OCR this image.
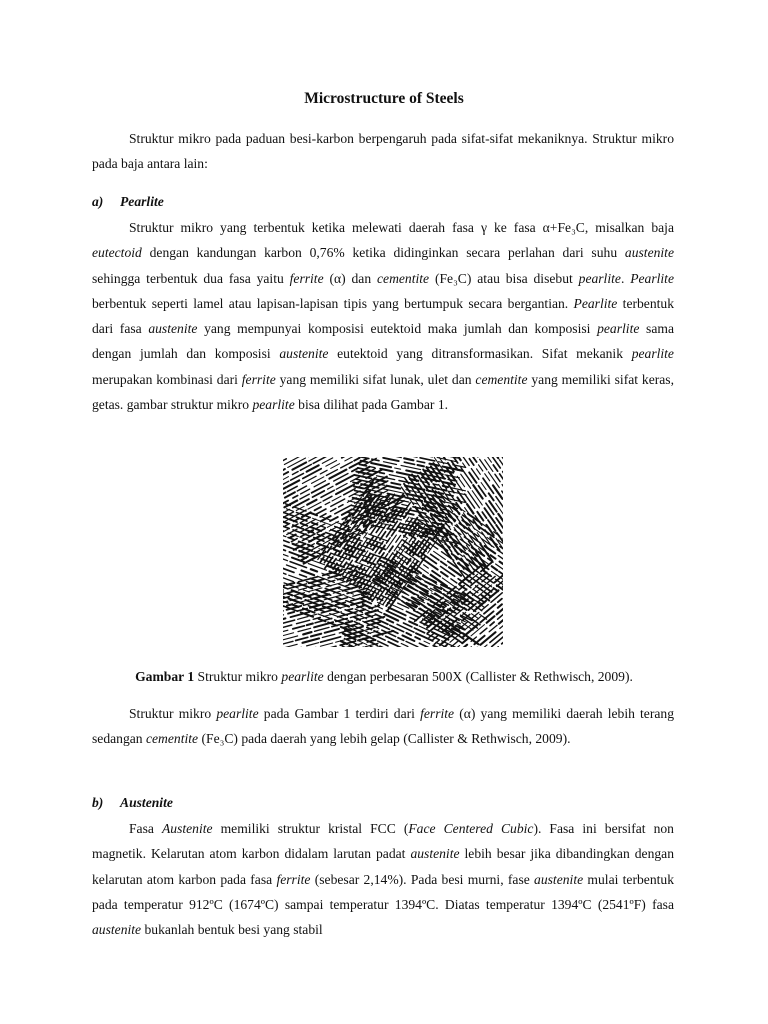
Microstructure of Steels

Struktur mikro pada paduan besi-karbon berpengaruh pada sifat-sifat mekaniknya. Struktur mikro pada baja antara lain:

a) Pearlite

Struktur mikro yang terbentuk ketika melewati daerah fasa γ ke fasa α+Fe₃C, misalkan baja eutectoid dengan kandungan karbon 0,76% ketika didinginkan secara perlahan dari suhu austenite sehingga terbentuk dua fasa yaitu ferrite (α) dan cementite (Fe₃C) atau bisa disebut pearlite. Pearlite berbentuk seperti lamel atau lapisan-lapisan tipis yang bertumpuk secara bergantian. Pearlite terbentuk dari fasa austenite yang mempunyai komposisi eutektoid maka jumlah dan komposisi pearlite sama dengan jumlah dan komposisi austenite eutektoid yang ditransformasikan. Sifat mekanik pearlite merupakan kombinasi dari ferrite yang memiliki sifat lunak, ulet dan cementite yang memiliki sifat keras, getas. gambar struktur mikro pearlite bisa dilihat pada Gambar 1.

Gambar 1 Struktur mikro pearlite dengan perbesaran 500X (Callister & Rethwisch, 2009).

Struktur mikro pearlite pada Gambar 1 terdiri dari ferrite (α) yang memiliki daerah lebih terang sedangan cementite (Fe₃C) pada daerah yang lebih gelap (Callister & Rethwisch, 2009).

b) Austenite

Fasa Austenite memiliki struktur kristal FCC (Face Centered Cubic). Fasa ini bersifat non magnetik. Kelarutan atom karbon didalam larutan padat austenite lebih besar jika dibandingkan dengan kelarutan atom karbon pada fasa ferrite (sebesar 2,14%). Pada besi murni, fase austenite mulai terbentuk pada temperatur 912ºC (1674ºC) sampai temperatur 1394ºC. Diatas temperatur 1394ºC (2541ºF) fasa austenite bukanlah bentuk besi yang stabil
